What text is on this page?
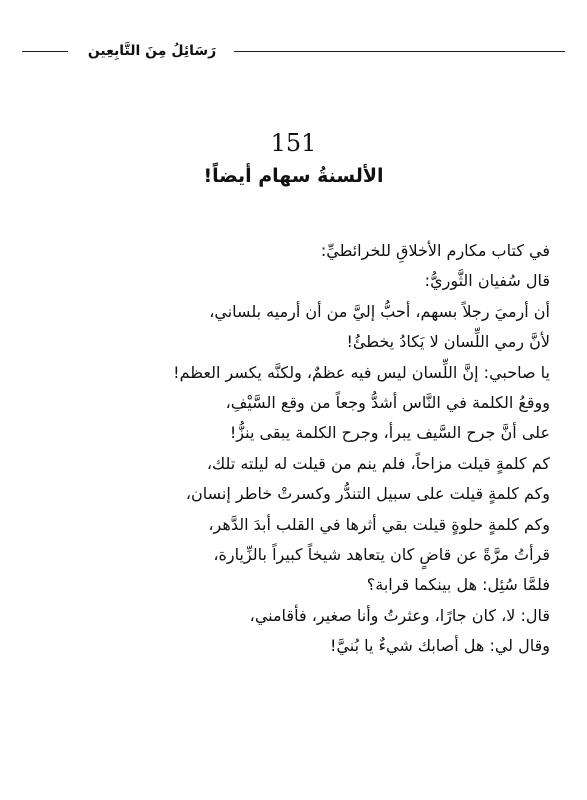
رَسَائِلُ مِنَ التَّابِعِين
151
الألسنةُ سهام أيضاً!
في كتاب مكارم الأخلاقِ للخرائطيِّ:
قال سُفيان الثَّوريُّ:
أن أرميَ رجلاً بسهم، أحبُّ إليَّ من أن أرميه بلساني،
لأنَّ رمي اللِّسان لا يَكادُ يخطئُ!
يا صاحبي: إنَّ اللِّسان ليس فيه عظمٌ، ولكنَّه يكسر العظم!
ووقعُ الكلمة في النَّاس أشدُّ وجعاً من وقع السَّيْفِ،
على أنَّ جرح السَّيف يبرأ، وجرح الكلمة يبقى ينزُّ!
كم كلمةٍ قيلت مزاحاً، فلم ينم من قيلت له ليلته تلك،
وكم كلمةٍ قيلت على سبيل التندُّر وكسرتْ خاطر إنسان،
وكم كلمةٍ حلوةٍ قيلت بقي أثرها في القلب أبدَ الدَّهر،
قرأتُ مرَّةً عن قاضٍ كان يتعاهد شيخاً كبيراً بالزِّيارة،
فلمَّا سُئِل: هل بينكما قرابة؟
قال: لا، كان جارًا، وعثرتُ وأنا صغير، فأقامني،
وقال لي: هل أصابك شيءٌ يا بُنيَّ!
